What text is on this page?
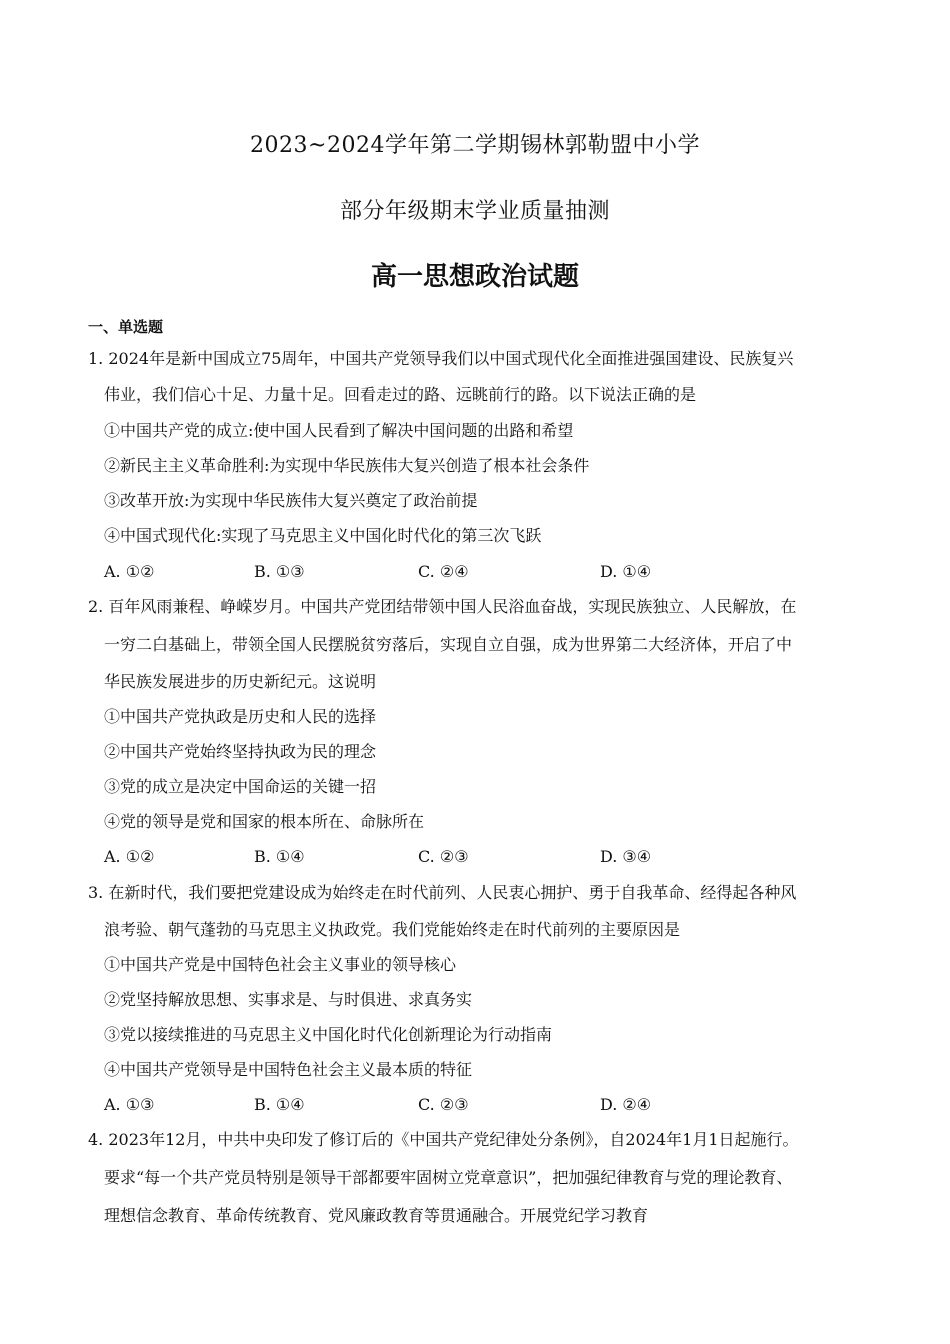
2023~2024学年第二学期锡林郭勒盟中小学
部分年级期末学业质量抽测
高一思想政治试题
一、单选题
1. 2024年是新中国成立75周年，中国共产党领导我们以中国式现代化全面推进强国建设、民族复兴
伟业，我们信心十足、力量十足。回看走过的路、远眺前行的路。以下说法正确的是
①中国共产党的成立:使中国人民看到了解决中国问题的出路和希望
②新民主主义革命胜利:为实现中华民族伟大复兴创造了根本社会条件
③改革开放:为实现中华民族伟大复兴奠定了政治前提
④中国式现代化:实现了马克思主义中国化时代化的第三次飞跃
A. ①②	B. ①③	C. ②④	D. ①④
2. 百年风雨兼程、峥嵘岁月。中国共产党团结带领中国人民浴血奋战，实现民族独立、人民解放，在
一穷二白基础上，带领全国人民摆脱贫穷落后，实现自立自强，成为世界第二大经济体，开启了中
华民族发展进步的历史新纪元。这说明
①中国共产党执政是历史和人民的选择
②中国共产党始终坚持执政为民的理念
③党的成立是决定中国命运的关键一招
④党的领导是党和国家的根本所在、命脉所在
A. ①②	B. ①④	C. ②③	D. ③④
3. 在新时代，我们要把党建设成为始终走在时代前列、人民衷心拥护、勇于自我革命、经得起各种风
浪考验、朝气蓬勃的马克思主义执政党。我们党能始终走在时代前列的主要原因是
①中国共产党是中国特色社会主义事业的领导核心
②党坚持解放思想、实事求是、与时俱进、求真务实
③党以接续推进的马克思主义中国化时代化创新理论为行动指南
④中国共产党领导是中国特色社会主义最本质的特征
A. ①③	B. ①④	C. ②③	D. ②④
4. 2023年12月，中共中央印发了修订后的《中国共产党纪律处分条例》，自2024年1月1日起施行。
要求“每一个共产党员特别是领导干部都要牢固树立党章意识”，把加强纪律教育与党的理论教育、
理想信念教育、革命传统教育、党风廉政教育等贯通融合。开展党纪学习教育
